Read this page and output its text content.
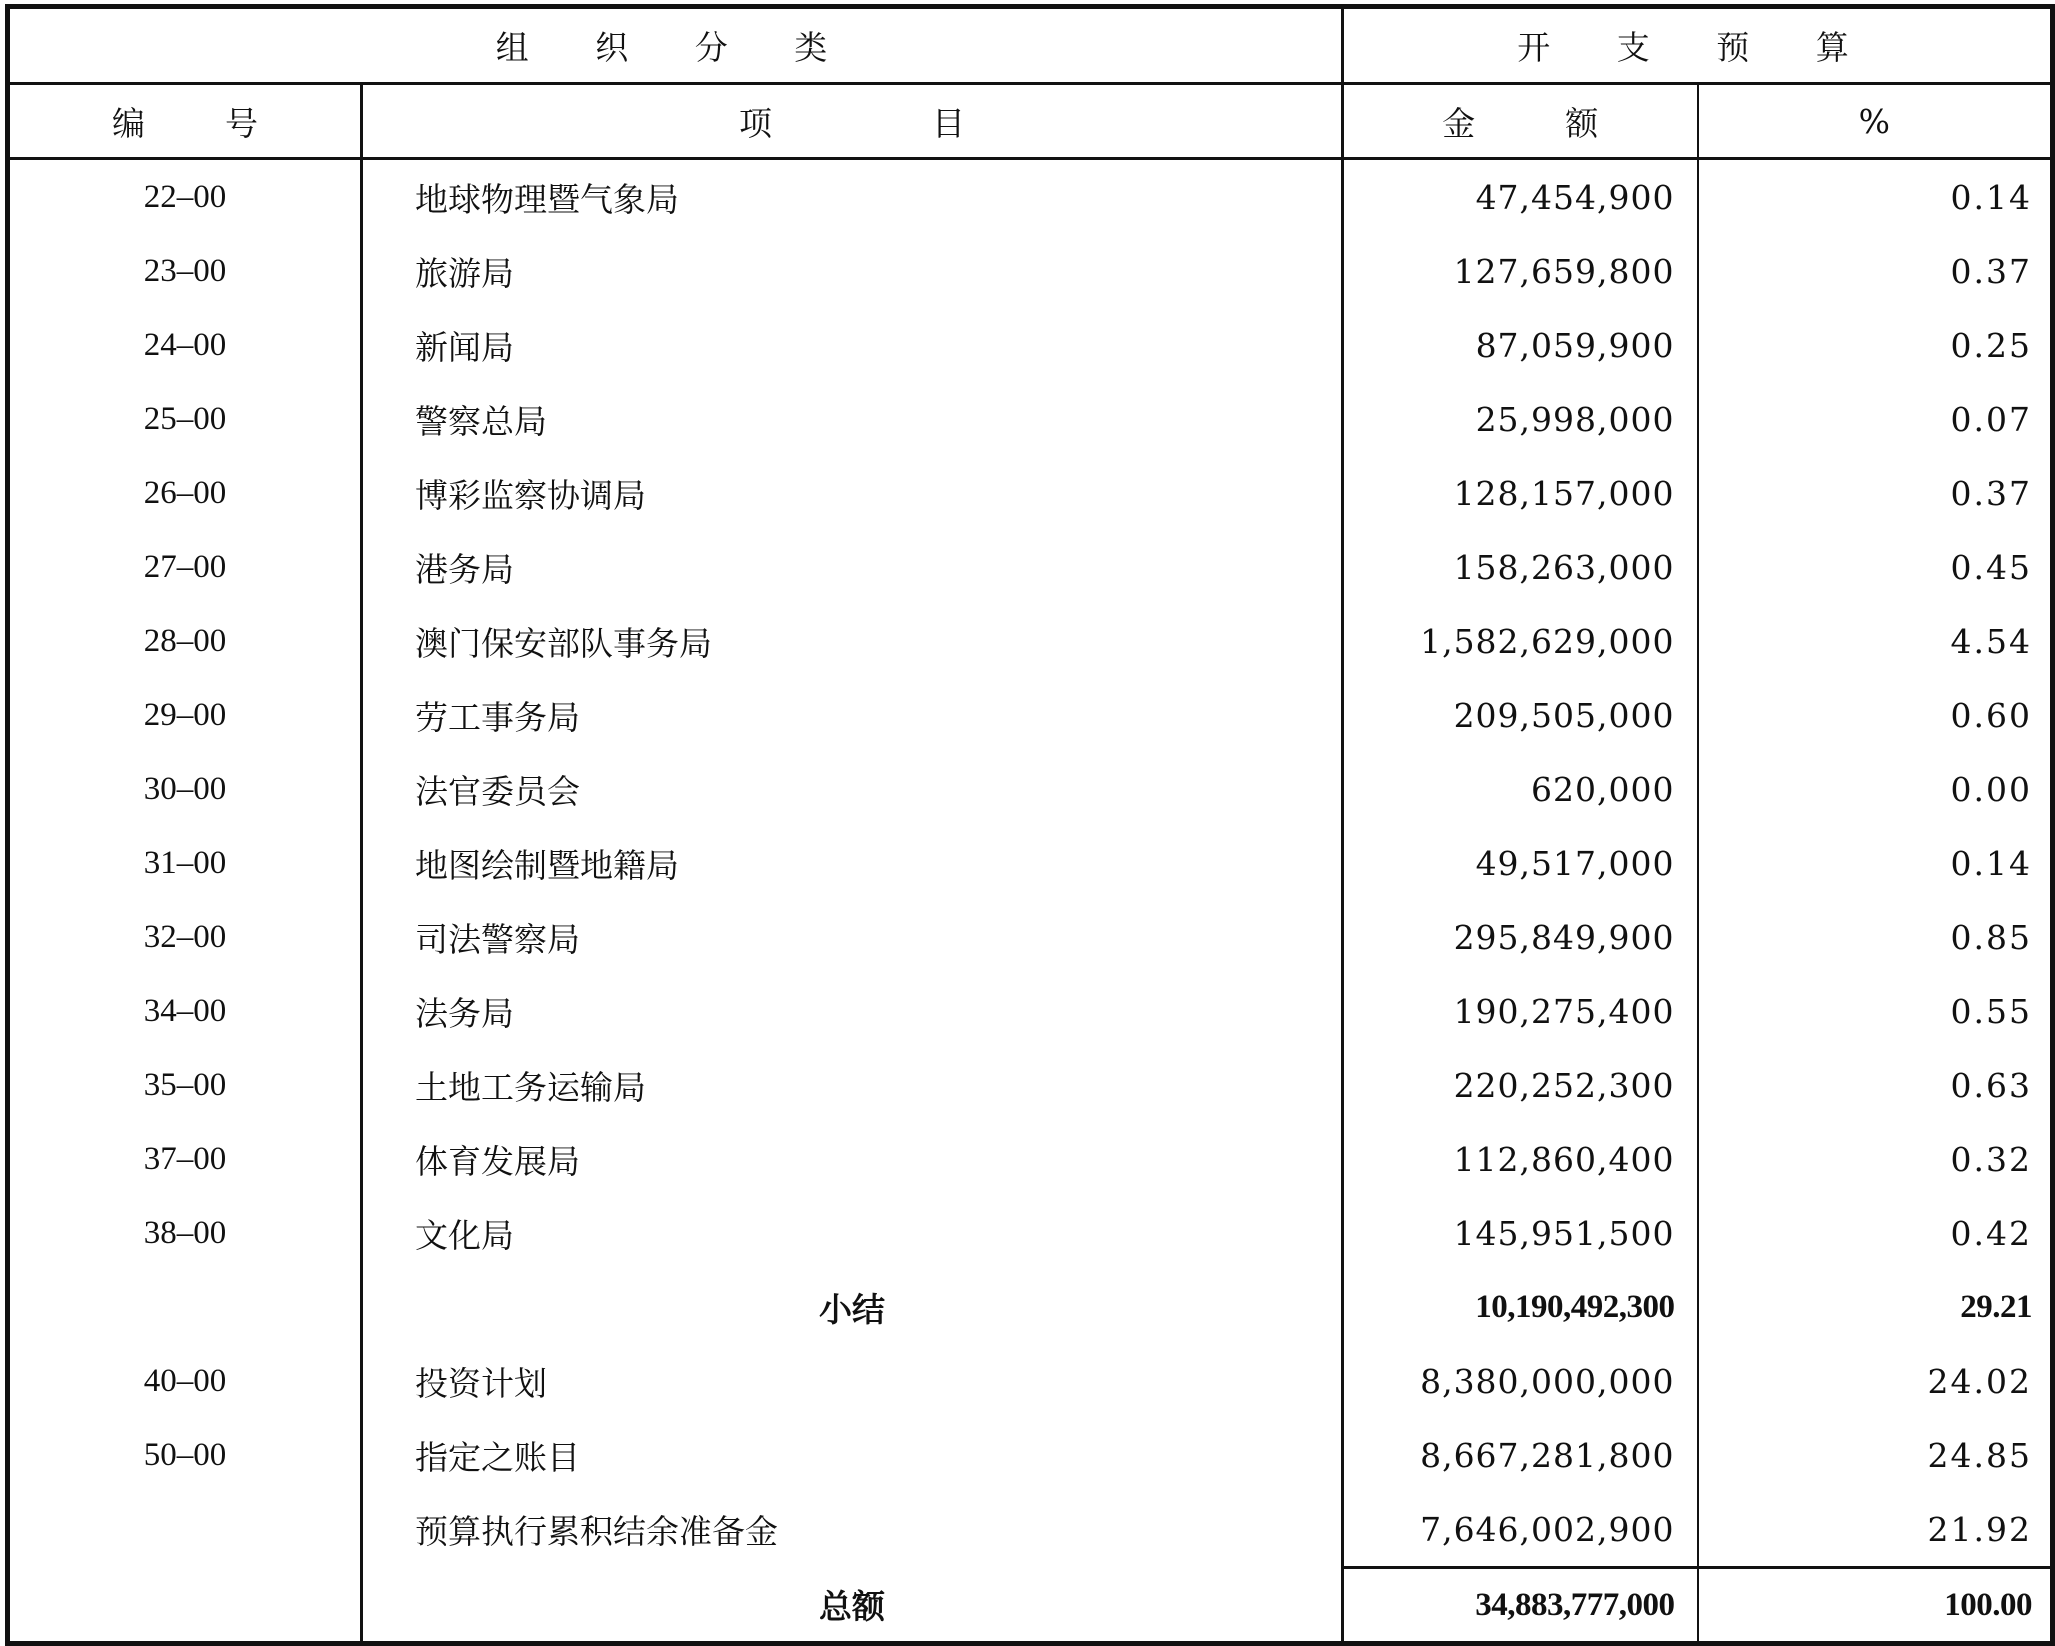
组 织 分 类		开 支 预 算	
编号	项目	金额	%
22–00	地球物理暨气象局	47,454,900	0.14
23–00	旅游局	127,659,800	0.37
24–00	新闻局	87,059,900	0.25
25–00	警察总局	25,998,000	0.07
26–00	博彩监察协调局	128,157,000	0.37
27–00	港务局	158,263,000	0.45
28–00	澳门保安部队事务局	1,582,629,000	4.54
29–00	劳工事务局	209,505,000	0.60
30–00	法官委员会	620,000	0.00
31–00	地图绘制暨地籍局	49,517,000	0.14
32–00	司法警察局	295,849,900	0.85
34–00	法务局	190,275,400	0.55
35–00	土地工务运输局	220,252,300	0.63
37–00	体育发展局	112,860,400	0.32
38–00	文化局	145,951,500	0.42
	小结	10,190,492,300	29.21
40–00	投资计划	8,380,000,000	24.02
50–00	指定之账目	8,667,281,800	24.85
	预算执行累积结余准备金	7,646,002,900	21.92
	总额	34,883,777,000	100.00
